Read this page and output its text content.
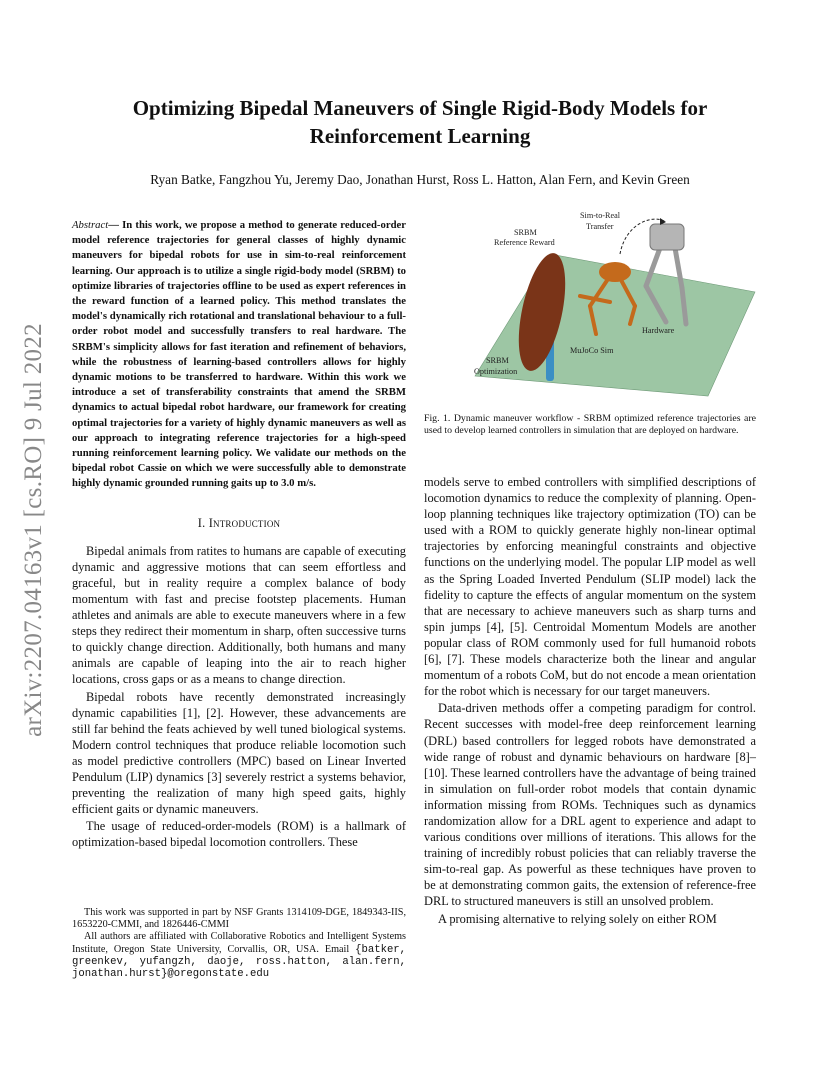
arXiv:2207.04163v1 [cs.RO] 9 Jul 2022
Optimizing Bipedal Maneuvers of Single Rigid-Body Models for Reinforcement Learning
Ryan Batke, Fangzhou Yu, Jeremy Dao, Jonathan Hurst, Ross L. Hatton, Alan Fern, and Kevin Green

Abstract— In this work, we propose a method to generate reduced-order model reference trajectories for general classes of highly dynamic maneuvers for bipedal robots for use in sim-to-real reinforcement learning. Our approach is to utilize a single rigid-body model (SRBM) to optimize libraries of trajectories offline to be used as expert references in the reward function of a learned policy. This method translates the model's dynamically rich rotational and translational behaviour to a full-order robot model and successfully transfers to real hardware. The SRBM's simplicity allows for fast iteration and refinement of behaviors, while the robustness of learning-based controllers allows for highly dynamic motions to be transferred to hardware. Within this work we introduce a set of transferability constraints that amend the SRBM dynamics to actual bipedal robot hardware, our framework for creating optimal trajectories for a variety of highly dynamic maneuvers as well as our approach to integrating reference trajectories for a high-speed running reinforcement learning policy. We validate our methods on the bipedal robot Cassie on which we were successfully able to demonstrate highly dynamic grounded running gaits up to 3.0 m/s.

I. Introduction

Bipedal animals from ratites to humans are capable of executing dynamic and aggressive motions that can seem effortless and graceful, but in reality require a complex balance of body momentum with fast and precise footstep placements. Human athletes and animals are able to execute maneuvers where in a few steps they redirect their momentum in sharp, often successive turns to quickly change direction. Additionally, both humans and many animals are capable of leaping into the air to reach higher locations, cross gaps or as a means to change direction.

Bipedal robots have recently demonstrated increasingly dynamic capabilities [1], [2]. However, these advancements are still far behind the feats achieved by well tuned biological systems. Modern control techniques that produce reliable locomotion such as model predictive controllers (MPC) based on Linear Inverted Pendulum (LIP) dynamics [3] severely restrict a systems behavior, preventing the realization of many high speed gaits, highly efficient gaits or dynamic maneuvers.

The usage of reduced-order-models (ROM) is a hallmark of optimization-based bipedal locomotion controllers. These

This work was supported in part by NSF Grants 1314109-DGE, 1849343-IIS, 1653220-CMMI, and 1826446-CMMI

All authors are affiliated with Collaborative Robotics and Intelligent Systems Institute, Oregon State University, Corvallis, OR, USA. Email {batker, greenkev, yufangzh, daoje, ross.hatton, alan.fern, jonathan.hurst}@oregonstate.edu

Sim-to-Real
Transfer
SRBM
Reference Reward
Hardware
MuJoCo Sim
SRBM
Optimization
Fig. 1. Dynamic maneuver workflow - SRBM optimized reference trajectories are used to develop learned controllers in simulation that are deployed on hardware.

models serve to embed controllers with simplified descriptions of locomotion dynamics to reduce the complexity of planning. Open-loop planning techniques like trajectory optimization (TO) can be used with a ROM to quickly generate highly non-linear optimal trajectories by enforcing meaningful constraints and objective functions on the underlying model. The popular LIP model as well as the Spring Loaded Inverted Pendulum (SLIP model) lack the fidelity to capture the effects of angular momentum on the system that are necessary to achieve maneuvers such as sharp turns and spin jumps [4], [5]. Centroidal Momentum Models are another popular class of ROM commonly used for full humanoid robots [6], [7]. These models characterize both the linear and angular momentum of a robots CoM, but do not encode a mean orientation for the robot which is necessary for our target maneuvers.

Data-driven methods offer a competing paradigm for control. Recent successes with model-free deep reinforcement learning (DRL) based controllers for legged robots have demonstrated a wide range of robust and dynamic behaviours on hardware [8]–[10]. These learned controllers have the advantage of being trained in simulation on full-order robot models that contain dynamic information missing from ROMs. Techniques such as dynamics randomization allow for a DRL agent to experience and adapt to various conditions over millions of iterations. This allows for the training of incredibly robust policies that can reliably traverse the sim-to-real gap. As powerful as these techniques have proven to be at demonstrating common gaits, the extension of reference-free DRL to structured maneuvers is still an unsolved problem.

A promising alternative to relying solely on either ROM
